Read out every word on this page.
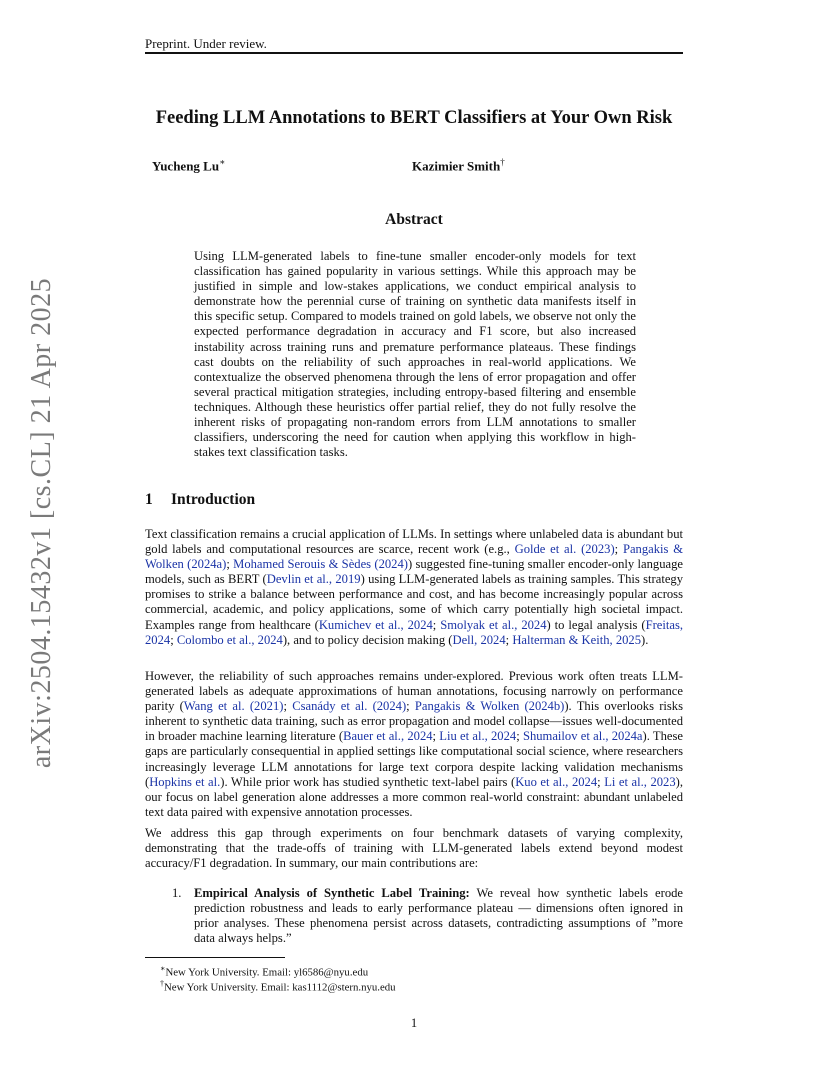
Preprint. Under review.
arXiv:2504.15432v1 [cs.CL] 21 Apr 2025
Feeding LLM Annotations to BERT Classifiers at Your Own Risk
Yucheng Lu∗	Kazimier Smith†
Abstract
Using LLM-generated labels to fine-tune smaller encoder-only models for text classification has gained popularity in various settings. While this approach may be justified in simple and low-stakes applications, we conduct empirical analysis to demonstrate how the perennial curse of training on synthetic data manifests itself in this specific setup. Compared to models trained on gold labels, we observe not only the expected performance degradation in accuracy and F1 score, but also increased instability across training runs and premature performance plateaus. These findings cast doubts on the reliability of such approaches in real-world applications. We contextualize the observed phenomena through the lens of error propagation and offer several practical mitigation strategies, including entropy-based filtering and ensemble techniques. Although these heuristics offer partial relief, they do not fully resolve the inherent risks of propagating non-random errors from LLM annotations to smaller classifiers, underscoring the need for caution when applying this workflow in high-stakes text classification tasks.
1 Introduction

Text classification remains a crucial application of LLMs. In settings where unlabeled data is abundant but gold labels and computational resources are scarce, recent work (e.g., Golde et al. (2023); Pangakis & Wolken (2024a); Mohamed Serouis & Sèdes (2024)) suggested fine-tuning smaller encoder-only language models, such as BERT (Devlin et al., 2019) using LLM-generated labels as training samples. This strategy promises to strike a balance between performance and cost, and has become increasingly popular across commercial, academic, and policy applications, some of which carry potentially high societal impact. Examples range from healthcare (Kumichev et al., 2024; Smolyak et al., 2024) to legal analysis (Freitas, 2024; Colombo et al., 2024), and to policy decision making (Dell, 2024; Halterman & Keith, 2025).

However, the reliability of such approaches remains under-explored. Previous work often treats LLM-generated labels as adequate approximations of human annotations, focusing narrowly on performance parity (Wang et al. (2021); Csanády et al. (2024); Pangakis & Wolken (2024b)). This overlooks risks inherent to synthetic data training, such as error propagation and model collapse—issues well-documented in broader machine learning literature (Bauer et al., 2024; Liu et al., 2024; Shumailov et al., 2024a). These gaps are particularly consequential in applied settings like computational social science, where researchers increasingly leverage LLM annotations for large text corpora despite lacking validation mechanisms (Hopkins et al.). While prior work has studied synthetic text-label pairs (Kuo et al., 2024; Li et al., 2023), our focus on label generation alone addresses a more common real-world constraint: abundant unlabeled text data paired with expensive annotation processes.

We address this gap through experiments on four benchmark datasets of varying complexity, demonstrating that the trade-offs of training with LLM-generated labels extend beyond modest accuracy/F1 degradation. In summary, our main contributions are:

1. Empirical Analysis of Synthetic Label Training: We reveal how synthetic labels erode prediction robustness and leads to early performance plateau — dimensions often ignored in prior analyses. These phenomena persist across datasets, contradicting assumptions of ”more data always helps.”
∗New York University. Email: yl6586@nyu.edu
†New York University. Email: kas1112@stern.nyu.edu
1
